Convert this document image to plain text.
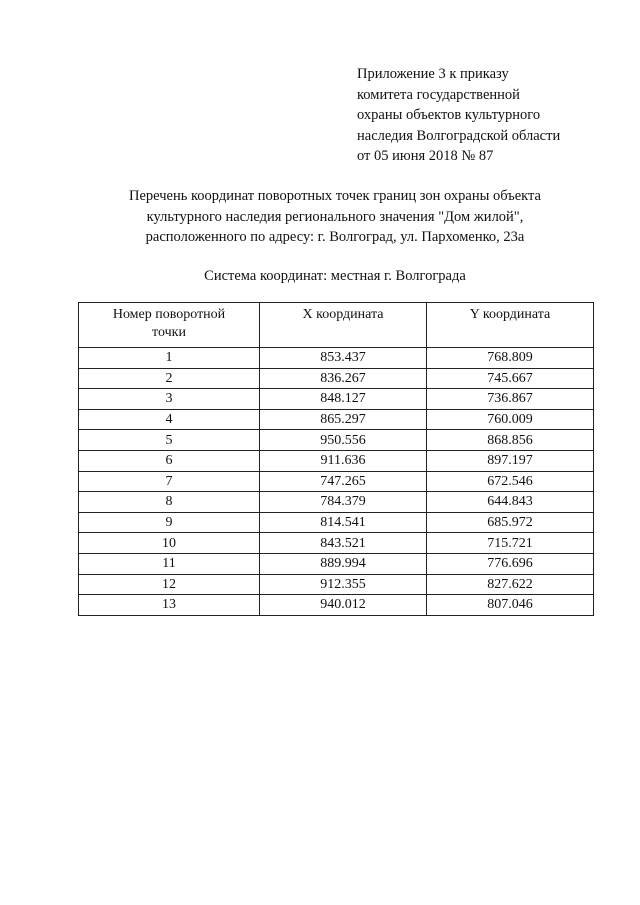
Приложение 3 к приказу
комитета государственной
охраны объектов культурного
наследия Волгоградской области
от 05 июня 2018 № 87
Перечень координат поворотных точек границ зон охраны объекта
культурного наследия регионального значения "Дом жилой",
расположенного по адресу: г. Волгоград, ул. Пархоменко, 23а
Система координат: местная г. Волгограда
Номер поворотной
точки	X координата	Y координата
1	853.437	768.809
2	836.267	745.667
3	848.127	736.867
4	865.297	760.009
5	950.556	868.856
6	911.636	897.197
7	747.265	672.546
8	784.379	644.843
9	814.541	685.972
10	843.521	715.721
11	889.994	776.696
12	912.355	827.622
13	940.012	807.046
